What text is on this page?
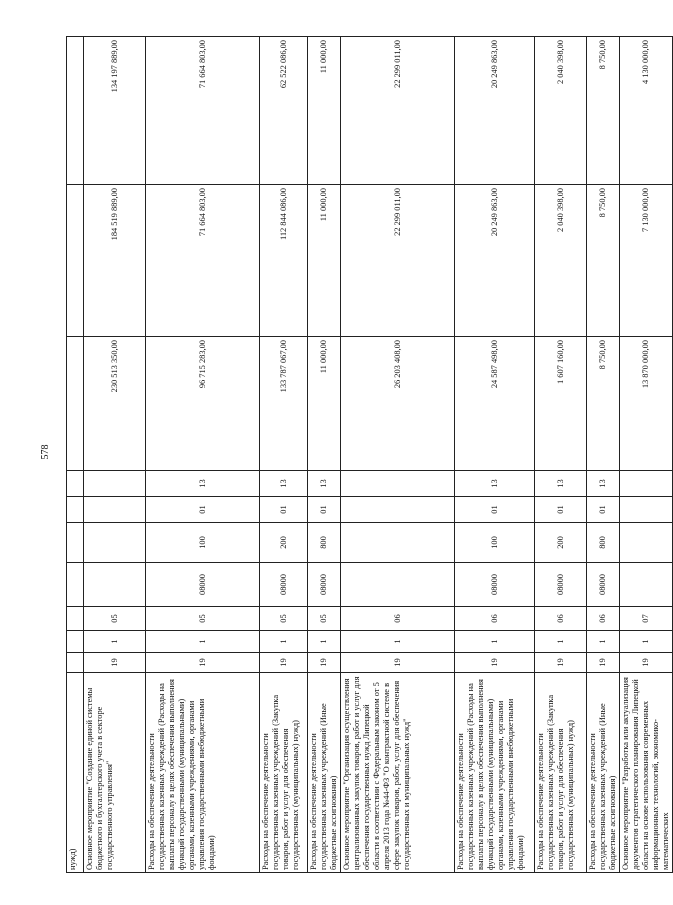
578
нужд)										
Основное мероприятие "Создание единой системы бюджетного и бухгалтерского учета в секторе государственного управления"	19	1	05					230 513 350,00	184 519 889,00	134 197 889,00
Расходы на обеспечение деятельности государственных казенных учреждений (Расходы на выплаты персоналу в целях обеспечения выполнения функций государственными (муниципальными) органами, казенными учреждениями, органами управления государственными внебюджетными фондами)	19	1	05	08000	100	01	13	96 715 283,00	71 664 803,00	71 664 803,00
Расходы на обеспечение деятельности государственных казенных учреждений (Закупка товаров, работ и услуг для обеспечения государственных (муниципальных) нужд)	19	1	05	08000	200	01	13	133 787 067,00	112 844 086,00	62 522 086,00
Расходы на обеспечение деятельности государственных казенных учреждений (Иные бюджетные ассигнования)	19	1	05	08000	800	01	13	11 000,00	11 000,00	11 000,00
Основное мероприятие "Организация осуществления централизованных закупок товаров, работ и услуг для обеспечения государственных нужд Липецкой области в соответствии с Федеральным законом от 5 апреля 2013 года №44-ФЗ "О контрактной системе в сфере закупок товаров, работ, услуг для обеспечения государственных и муниципальных нужд"	19	1	06					26 203 408,00	22 299 011,00	22 299 011,00
Расходы на обеспечение деятельности государственных казенных учреждений (Расходы на выплаты персоналу в целях обеспечения выполнения функций государственными (муниципальными) органами, казенными учреждениями, органами управления государственными внебюджетными фондами)	19	1	06	08000	100	01	13	24 587 498,00	20 249 863,00	20 249 863,00
Расходы на обеспечение деятельности государственных казенных учреждений (Закупка товаров, работ и услуг для обеспечения государственных (муниципальных) нужд)	19	1	06	08000	200	01	13	1 607 160,00	2 040 398,00	2 040 398,00
Расходы на обеспечение деятельности государственных казенных учреждений (Иные бюджетные ассигнования)	19	1	06	08000	800	01	13	8 750,00	8 750,00	8 750,00
Основное мероприятие "Разработка или актуализация документов стратегического планирования Липецкой области на основе использования современных информационных технологий, экономико-математических	19	1	07					13 870 000,00	7 130 000,00	4 130 000,00
